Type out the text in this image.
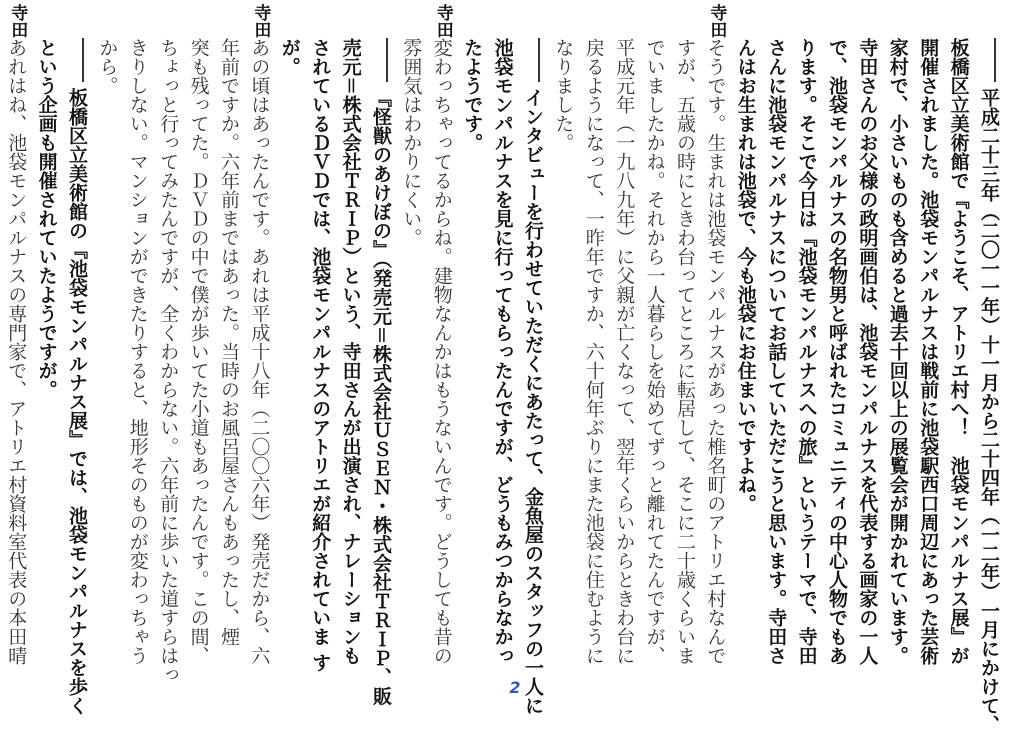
平成二十三年（二〇一一年）十一月から二十四年（一二年）一月にかけて、
板橋区立美術館で『ようこそ、アトリエ村へ！　池袋モンパルナス展』が
開催されました。池袋モンパルナスは戦前に池袋駅西口周辺にあった芸術
家村で、小さいものも含めると過去十回以上の展覧会が開かれています。
寺田さんのお父様の政明画伯は、池袋モンパルナスを代表する画家の一人
で、池袋モンパルナスの名物男と呼ばれたコミュニティの中心人物でもあ
ります。そこで今日は『池袋モンパルナスへの旅』というテーマで、寺田
さんに池袋モンパルナスについてお話していただこうと思います。寺田さ
んはお生まれは池袋で、今も池袋にお住まいですよね。
そうです。生まれは池袋モンパルナスがあった椎名町のアトリエ村なんで
寺田
すが、五歳の時にときわ台ってところに転居して、そこに二十歳くらいま
でいましたかね。それから一人暮らしを始めてずっと離れてたんですが、
平成元年（一九八九年）に父親が亡くなって、翌年くらいからときわ台に
戻るようになって、一昨年ですか、六十何年ぶりにまた池袋に住むように
なりました。
インタビューを行わせていただくにあたって、金魚屋のスタッフの一人に
池袋モンパルナスを見に行ってもらったんですが、どうもみつからなかっ
たようです。
変わっちゃってるからね。建物なんかはもうないんです。どうしても昔の
寺田
雰囲気はわかりにくい。
『怪獣のあけぼの』（発売元＝株式会社ＵＳＥＮ・株式会社ＴＲＩＰ、販
売元＝株式会社ＴＲＩＰ）という、寺田さんが出演され、ナレーションも
されているＤＶＤでは、池袋モンパルナスのアトリエが紹介されていま す
が。
あの頃はあったんです。あれは平成十八年（二〇〇六年）発売だから、六
寺田
年前ですか。六年前まではあった。当時のお風呂屋さんもあったし、煙
突も残ってた。ＤＶＤの中で僕が歩いてた小道もあったんです。この間、
ちょっと行ってみたんですが、全くわからない。六年前に歩いた道すらはっ
きりしない。マンションができたりすると、地形そのものが変わっちゃう
から。
板橋区立美術館の『池袋モンパルナス展』では、池袋モンパルナスを歩く
という企画も開催されていたようですが。
あれはね、池袋モンパルナスの専門家で、アトリエ村資料室代表の本田晴
寺田
2
